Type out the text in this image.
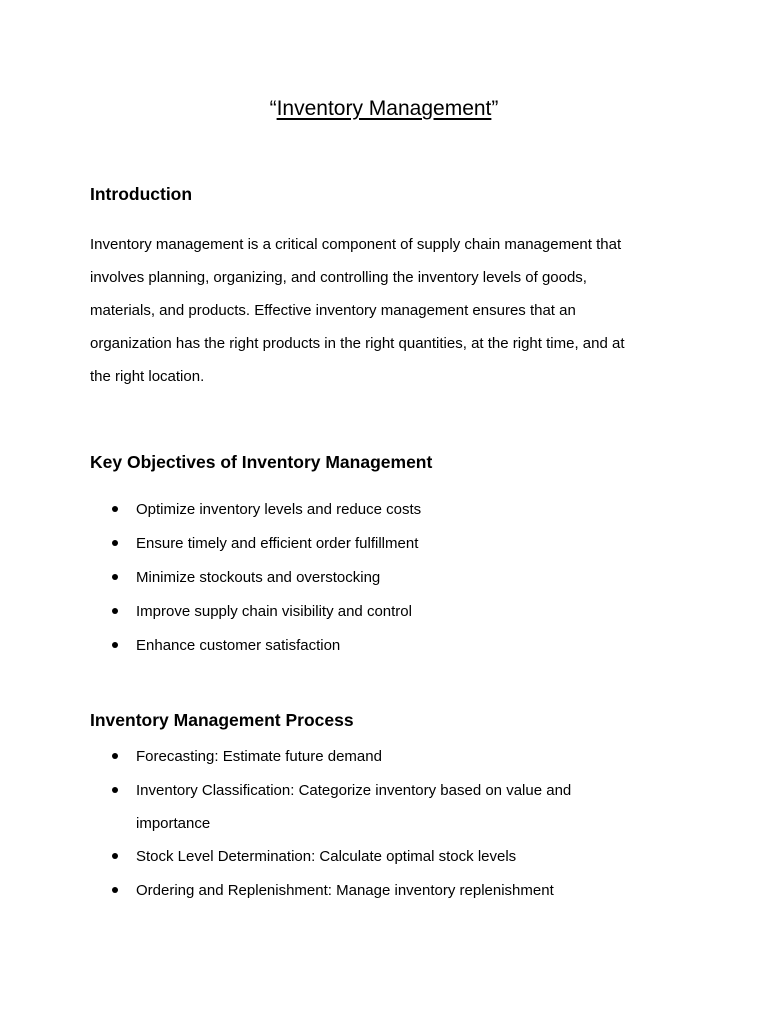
“Inventory Management”
Introduction

Inventory management is a critical component of supply chain management that
involves planning, organizing, and controlling the inventory levels of goods,
materials, and products. Effective inventory management ensures that an
organization has the right products in the right quantities, at the right time, and at
the right location.

Key Objectives of Inventory Management
Optimize inventory levels and reduce costs
Ensure timely and efficient order fulfillment
Minimize stockouts and overstocking
Improve supply chain visibility and control
Enhance customer satisfaction
Inventory Management Process
Forecasting: Estimate future demand
Inventory Classification: Categorize inventory based on value and importance
Stock Level Determination: Calculate optimal stock levels
Ordering and Replenishment: Manage inventory replenishment
